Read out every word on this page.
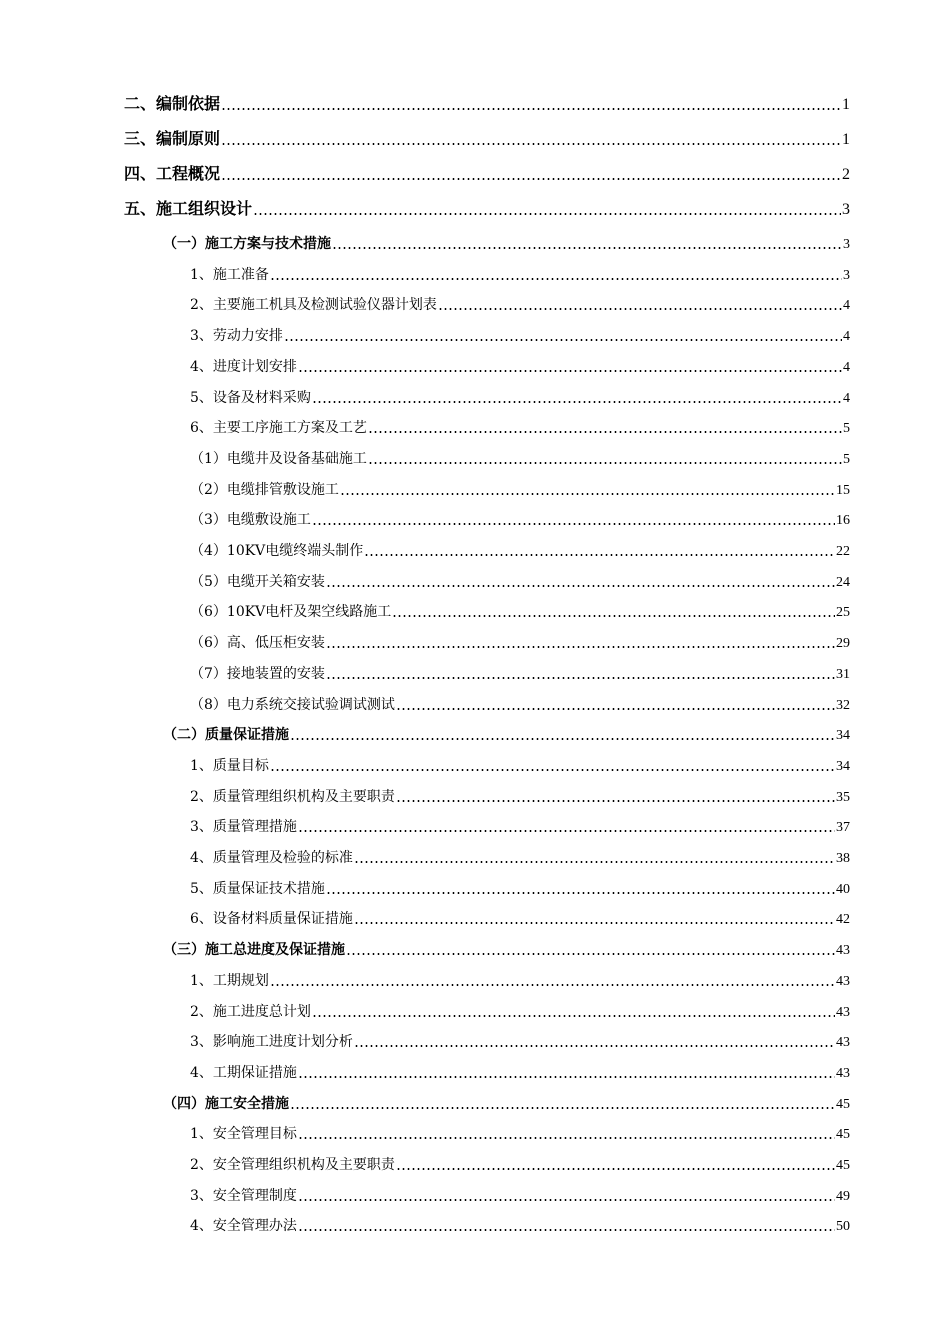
二、编制依据	1
三、编制原则	1
四、工程概况	2
五、施工组织设计	3
（一）施工方案与技术措施	3
1、施工准备	3
2、主要施工机具及检测试验仪器计划表	4
3、劳动力安排	4
4、进度计划安排	4
5、设备及材料采购	4
6、主要工序施工方案及工艺	5
（1）电缆井及设备基础施工	5
（2）电缆排管敷设施工	15
（3）电缆敷设施工	16
（4）10KV电缆终端头制作	22
（5）电缆开关箱安装	24
（6）10KV电杆及架空线路施工	25
（6）高、低压柜安装	29
（7）接地装置的安装	31
（8）电力系统交接试验调试测试	32
（二）质量保证措施	34
1、质量目标	34
2、质量管理组织机构及主要职责	35
3、质量管理措施	37
4、质量管理及检验的标准	38
5、质量保证技术措施	40
6、设备材料质量保证措施	42
（三）施工总进度及保证措施	43
1、工期规划	43
2、施工进度总计划	43
3、影响施工进度计划分析	43
4、工期保证措施	43
（四）施工安全措施	45
1、安全管理目标	45
2、安全管理组织机构及主要职责	45
3、安全管理制度	49
4、安全管理办法	50
